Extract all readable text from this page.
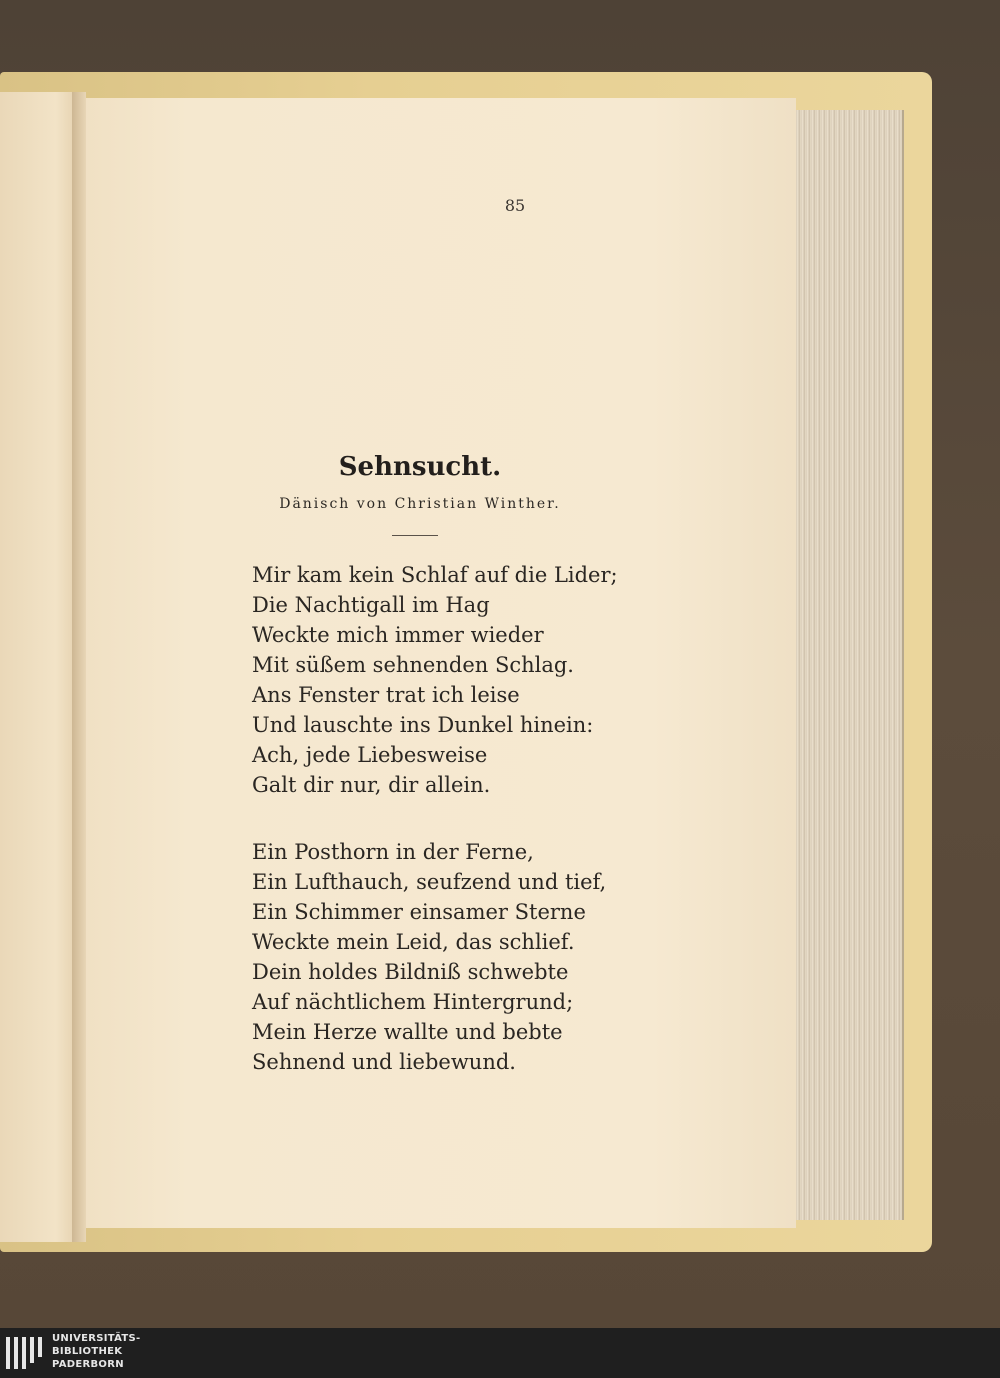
85
Sehnsucht.
Dänisch von Christian Winther.
Mir kam kein Schlaf auf die Lider;
Die Nachtigall im Hag
Weckte mich immer wieder
Mit süßem sehnenden Schlag.
Ans Fenster trat ich leise
Und lauschte ins Dunkel hinein:
Ach, jede Liebesweise
Galt dir nur, dir allein.
Ein Posthorn in der Ferne,
Ein Lufthauch, seufzend und tief,
Ein Schimmer einsamer Sterne
Weckte mein Leid, das schlief.
Dein holdes Bildniß schwebte
Auf nächtlichem Hintergrund;
Mein Herze wallte und bebte
Sehnend und liebewund.
UNIVERSITÄTS-
BIBLIOTHEK
PADERBORN
